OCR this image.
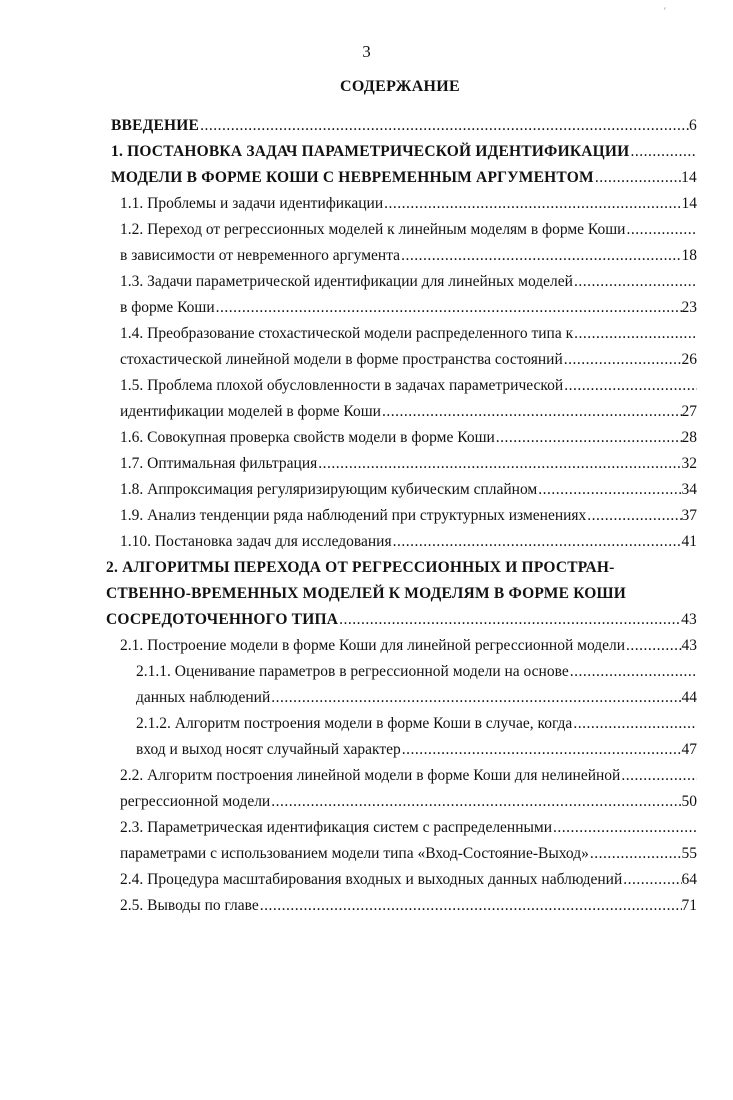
′
3
СОДЕРЖАНИЕ
ВВЕДЕНИЕ .....	6
1. ПОСТАНОВКА ЗАДАЧ ПАРАМЕТРИЧЕСКОЙ ИДЕНТИФИКАЦИИ
.....
МОДЕЛИ В ФОРМЕ КОШИ С НЕВРЕМЕННЫМ АРГУМЕНТОМ .....	14
1.1. Проблемы и задачи идентификации .....	14
1.2. Переход от регрессионных моделей к линейным моделям в форме Коши
.....
в зависимости от невременного аргумента .....	18
1.3. Задачи параметрической идентификации для линейных моделей
.....
в форме Коши .....	23
1.4. Преобразование стохастической модели распределенного типа к
.....
стохастической линейной модели в форме пространства состояний .....	26
1.5. Проблема плохой обусловленности в задачах параметрической
.....
идентификации моделей в форме Коши .....	27
1.6. Совокупная проверка свойств модели в форме Коши .....	28
1.7. Оптимальная фильтрация .....	32
1.8. Аппроксимация регуляризирующим кубическим сплайном .....	34
1.9. Анализ тенденции ряда наблюдений при структурных изменениях .....	37
1.10. Постановка задач для исследования .....	41
2. АЛГОРИТМЫ ПЕРЕХОДА ОТ РЕГРЕССИОННЫХ И ПРОСТРАН-
СТВЕННО-ВРЕМЕННЫХ МОДЕЛЕЙ К МОДЕЛЯМ В ФОРМЕ КОШИ
СОСРЕДОТОЧЕННОГО ТИПА .....	43
2.1. Построение модели в форме Коши для линейной регрессионной модели .....	43
2.1.1. Оценивание параметров в регрессионной модели на основе
.....
данных наблюдений .....	44
2.1.2. Алгоритм построения модели в форме Коши в случае, когда
.....
вход и выход носят случайный характер .....	47
2.2. Алгоритм построения линейной модели в форме Коши для нелинейной
.....
регрессионной модели .....	50
2.3. Параметрическая идентификация систем с распределенными
.....
параметрами с использованием модели типа «Вход-Состояние-Выход» .....	55
2.4. Процедура масштабирования входных и выходных данных наблюдений .....	64
2.5. Выводы по главе .....	71
